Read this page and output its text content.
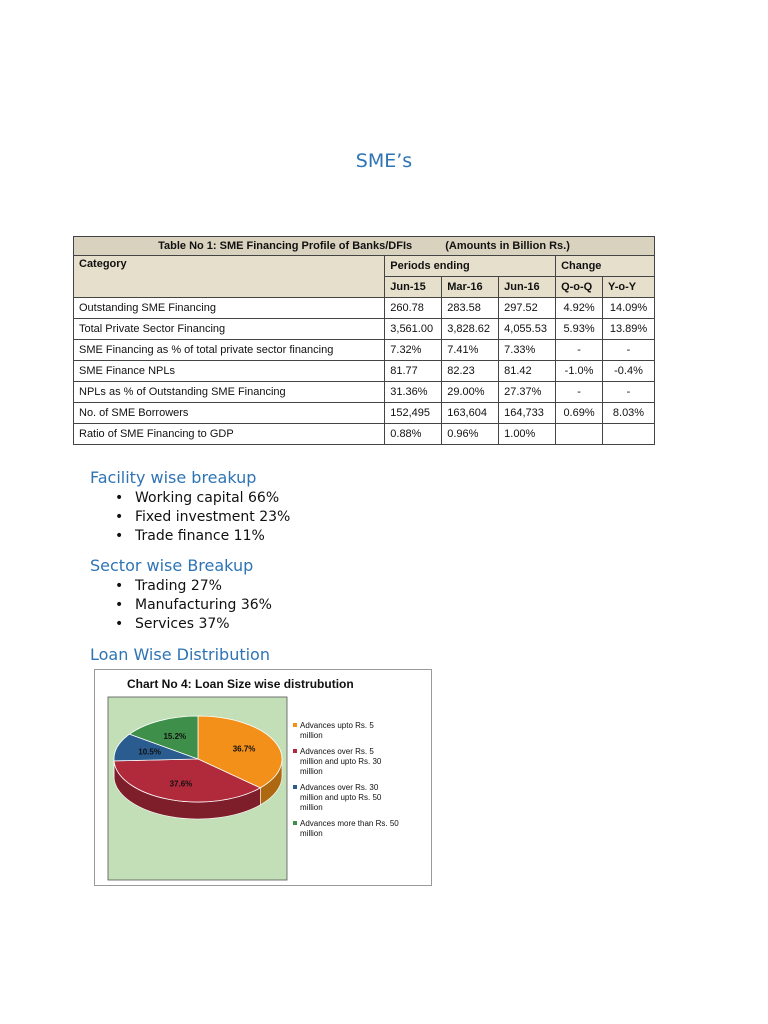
SME’s
Table No 1: SME Financing Profile of Banks/DFIs (Amounts in Billion Rs.)					
Category	Periods ending			Change	
	Jun-15	Mar-16	Jun-16	Q-o-Q	Y-o-Y
Outstanding SME Financing	260.78	283.58	297.52	4.92%	14.09%
Total Private Sector Financing	3,561.00	3,828.62	4,055.53	5.93%	13.89%
SME Financing as % of total private sector financing	7.32%	7.41%	7.33%	-	-
SME Finance NPLs	81.77	82.23	81.42	-1.0%	-0.4%
NPLs as % of Outstanding SME Financing	31.36%	29.00%	27.37%	-	-
No. of SME Borrowers	152,495	163,604	164,733	0.69%	8.03%
Ratio of SME Financing to GDP	0.88%	0.96%	1.00%		
Facility wise breakup
• Working capital 66%
• Fixed investment 23%
• Trade finance 11%
Sector wise Breakup
• Trading 27%
• Manufacturing 36%
• Services 37%
Loan Wise Distribution
Chart No 4: Loan Size wise distrubution
36.7%
37.6%
10.5%
15.2%
Advances upto Rs. 5 million
Advances over Rs. 5 million and upto Rs. 30 million
Advances over Rs. 30 million and upto Rs. 50 million
Advances more than Rs. 50 million
